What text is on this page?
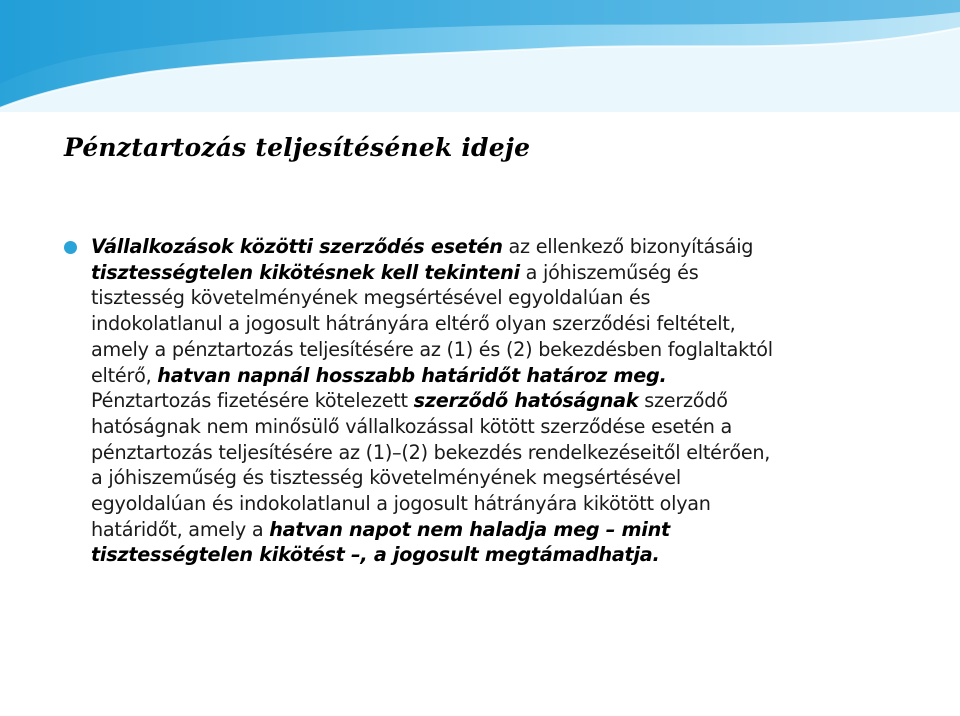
Pénztartozás teljesítésének ideje
Vállalkozások közötti szerződés esetén az ellenkező bizonyításáig
tisztességtelen kikötésnek kell tekinteni a jóhiszeműség és
tisztesség követelményének megsértésével egyoldalúan és
indokolatlanul a jogosult hátrányára eltérő olyan szerződési feltételt,
amely a pénztartozás teljesítésére az (1) és (2) bekezdésben foglaltaktól
eltérő, hatvan napnál hosszabb határidőt határoz meg.
Pénztartozás fizetésére kötelezett szerződő hatóságnak szerződő
hatóságnak nem minősülő vállalkozással kötött szerződése esetén a
pénztartozás teljesítésére az (1)–(2) bekezdés rendelkezéseitől eltérően,
a jóhiszeműség és tisztesség követelményének megsértésével
egyoldalúan és indokolatlanul a jogosult hátrányára kikötött olyan
határidőt, amely a hatvan napot nem haladja meg – mint
tisztességtelen kikötést –, a jogosult megtámadhatja.
